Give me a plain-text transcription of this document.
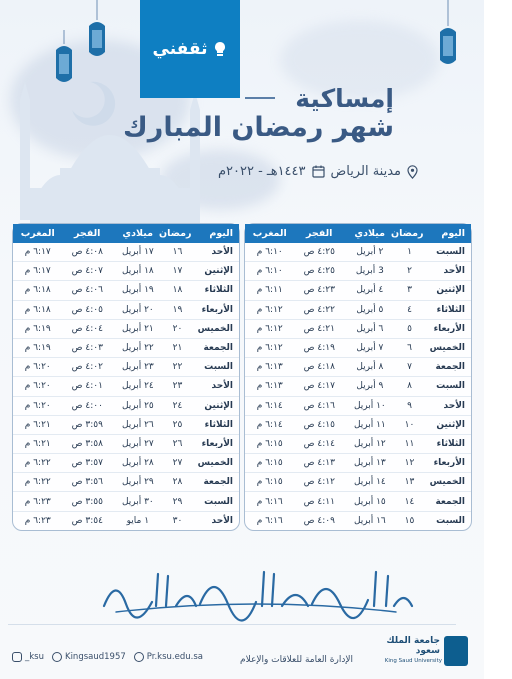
ثقفني
إمساكية
شهر رمضان المبارك
مدينة الرياض
١٤٤٣هـ - ٢٠٢٢م
اليوم
رمضان
ميلادي
الفجر
المغرب
السبت
١
٢ أبريل
٤:٢٥ ص
٦:١٠ م
الأحد
٢
3 أبريل
٤:٢٥ ص
٦:١٠ م
الإثنين
٣
٤ أبريل
٤:٢٣ ص
٦:١١ م
الثلاثاء
٤
٥ أبريل
٤:٢٢ ص
٦:١٢ م
الأربعاء
٥
٦ أبريل
٤:٢١ ص
٦:١٢ م
الخميس
٦
٧ أبريل
٤:١٩ ص
٦:١٢ م
الجمعة
٧
٨ أبريل
٤:١٨ ص
٦:١٣ م
السبت
٨
٩ أبريل
٤:١٧ ص
٦:١٣ م
الأحد
٩
١٠ أبريل
٤:١٦ ص
٦:١٤ م
الإثنين
١٠
١١ أبريل
٤:١٥ ص
٦:١٤ م
الثلاثاء
١١
١٢ أبريل
٤:١٤ ص
٦:١٥ م
الأربعاء
١٢
١٣ أبريل
٤:١٣ ص
٦:١٥ م
الخميس
١٣
١٤ أبريل
٤:١٢ ص
٦:١٥ م
الجمعة
١٤
١٥ أبريل
٤:١١ ص
٦:١٦ م
السبت
١٥
١٦ أبريل
٤:٠٩ ص
٦:١٦ م
اليوم
رمضان
ميلادي
الفجر
المغرب
الأحد
١٦
١٧ أبريل
٤:٠٨ ص
٦:١٧ م
الإثنين
١٧
١٨ أبريل
٤:٠٧ ص
٦:١٧ م
الثلاثاء
١٨
١٩ أبريل
٤:٠٦ ص
٦:١٨ م
الأربعاء
١٩
٢٠ أبريل
٤:٠٥ ص
٦:١٨ م
الخميس
٢٠
٢١ أبريل
٤:٠٤ ص
٦:١٩ م
الجمعة
٢١
٢٢ أبريل
٤:٠٣ ص
٦:١٩ م
السبت
٢٢
٢٣ أبريل
٤:٠٢ ص
٦:٢٠ م
الأحد
٢٣
٢٤ أبريل
٤:٠١ ص
٦:٢٠ م
الإثنين
٢٤
٢٥ أبريل
٤:٠٠ ص
٦:٢٠ م
الثلاثاء
٢٥
٢٦ أبريل
٣:٥٩ ص
٦:٢١ م
الأربعاء
٢٦
٢٧ أبريل
٣:٥٨ ص
٦:٢١ م
الخميس
٢٧
٢٨ أبريل
٣:٥٧ ص
٦:٢٢ م
الجمعة
٢٨
٢٩ أبريل
٣:٥٦ ص
٦:٢٢ م
السبت
٢٩
٣٠ أبريل
٣:٥٥ ص
٦:٢٣ م
الأحد
٣٠
١ مايو
٣:٥٤ ص
٦:٢٣ م
_ksu Kingsaud1957 Pr.ksu.edu.sa	الإدارة العامة للعلاقات والإعلام
جامعة الملك سعود
King Saud University
